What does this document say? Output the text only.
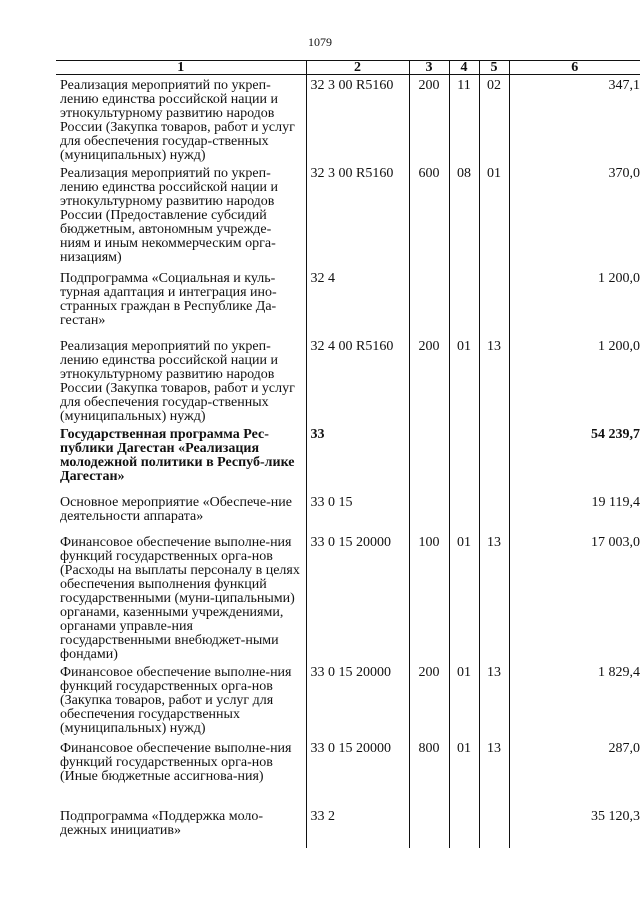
1079
1	2	3	4	5	6
Реализация мероприятий по укреп-лению единства российской нации и этнокультурному развитию народов России (Закупка товаров, работ и услуг для обеспечения государ-ственных (муниципальных) нужд)	32 3 00 R5160	200	11	02	347,1
Реализация мероприятий по укреп-лению единства российской нации и этнокультурному развитию народов России (Предоставление субсидий бюджетным, автономным учрежде-ниям и иным некоммерческим орга-низациям)	32 3 00 R5160	600	08	01	370,0
Подпрограмма «Социальная и куль-турная адаптация и интеграция ино-странных граждан в Республике Да-гестан»	32 4				1 200,0
Реализация мероприятий по укреп-лению единства российской нации и этнокультурному развитию народов России (Закупка товаров, работ и услуг для обеспечения государ-ственных (муниципальных) нужд)	32 4 00 R5160	200	01	13	1 200,0
Государственная программа Рес-публики Дагестан «Реализация молодежной политики в Респуб-лике Дагестан»	33				54 239,7
Основное мероприятие «Обеспече-ние деятельности аппарата»	33 0 15				19 119,4
Финансовое обеспечение выполне-ния функций государственных орга-нов (Расходы на выплаты персоналу в целях обеспечения выполнения функций государственными (муни-ципальными) органами, казенными учреждениями, органами управле-ния государственными внебюджет-ными фондами)	33 0 15 20000	100	01	13	17 003,0
Финансовое обеспечение выполне-ния функций государственных орга-нов (Закупка товаров, работ и услуг для обеспечения государственных (муниципальных) нужд)	33 0 15 20000	200	01	13	1 829,4
Финансовое обеспечение выполне-ния функций государственных орга-нов (Иные бюджетные ассигнова-ния)	33 0 15 20000	800	01	13	287,0
Подпрограмма «Поддержка моло-дежных инициатив»	33 2				35 120,3
